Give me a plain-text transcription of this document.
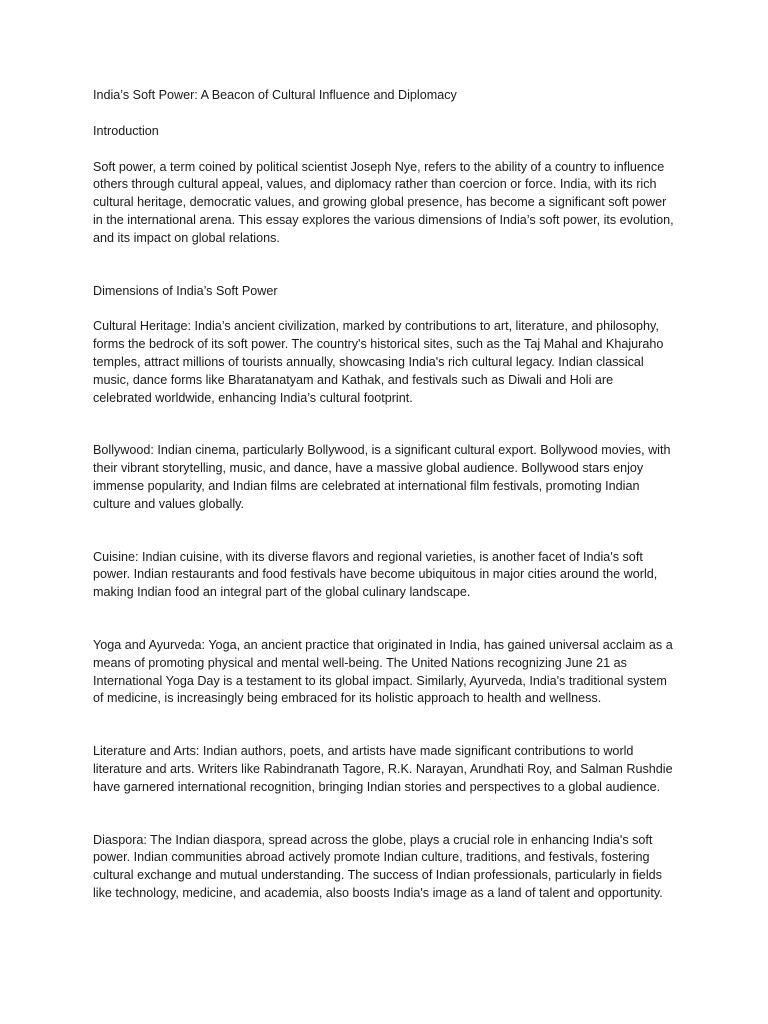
India’s Soft Power: A Beacon of Cultural Influence and Diplomacy

Introduction

Soft power, a term coined by political scientist Joseph Nye, refers to the ability of a country to influence others through cultural appeal, values, and diplomacy rather than coercion or force. India, with its rich cultural heritage, democratic values, and growing global presence, has become a significant soft power in the international arena. This essay explores the various dimensions of India’s soft power, its evolution, and its impact on global relations.

Dimensions of India’s Soft Power

Cultural Heritage: India’s ancient civilization, marked by contributions to art, literature, and philosophy, forms the bedrock of its soft power. The country's historical sites, such as the Taj Mahal and Khajuraho temples, attract millions of tourists annually, showcasing India's rich cultural legacy. Indian classical music, dance forms like Bharatanatyam and Kathak, and festivals such as Diwali and Holi are celebrated worldwide, enhancing India’s cultural footprint.

Bollywood: Indian cinema, particularly Bollywood, is a significant cultural export. Bollywood movies, with their vibrant storytelling, music, and dance, have a massive global audience. Bollywood stars enjoy immense popularity, and Indian films are celebrated at international film festivals, promoting Indian culture and values globally.

Cuisine: Indian cuisine, with its diverse flavors and regional varieties, is another facet of India's soft power. Indian restaurants and food festivals have become ubiquitous in major cities around the world, making Indian food an integral part of the global culinary landscape.

Yoga and Ayurveda: Yoga, an ancient practice that originated in India, has gained universal acclaim as a means of promoting physical and mental well-being. The United Nations recognizing June 21 as International Yoga Day is a testament to its global impact. Similarly, Ayurveda, India's traditional system of medicine, is increasingly being embraced for its holistic approach to health and wellness.

Literature and Arts: Indian authors, poets, and artists have made significant contributions to world literature and arts. Writers like Rabindranath Tagore, R.K. Narayan, Arundhati Roy, and Salman Rushdie have garnered international recognition, bringing Indian stories and perspectives to a global audience.

Diaspora: The Indian diaspora, spread across the globe, plays a crucial role in enhancing India's soft power. Indian communities abroad actively promote Indian culture, traditions, and festivals, fostering cultural exchange and mutual understanding. The success of Indian professionals, particularly in fields like technology, medicine, and academia, also boosts India's image as a land of talent and opportunity.
